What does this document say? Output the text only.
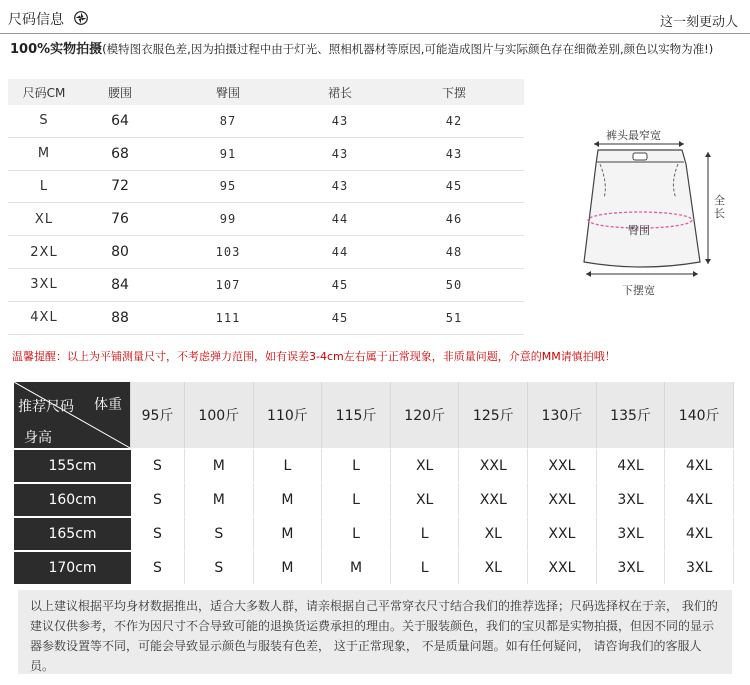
尺码信息	这一刻更动人
100%实物拍摄(模特图衣服色差,因为拍摄过程中由于灯光、照相机器材等原因,可能造成图片与实际颜色存在细微差别,颜色以实物为准!)
尺码CM	腰围	臀围	裙长	下摆
S	64	87	43	42
M	68	91	43	43
L	72	95	43	45
XL	76	99	44	46
2XL	80	103	44	48
3XL	84	107	45	50
4XL	88	111	45	51
裤头最窄宽
全长
臀围
下摆宽
温馨提醒：以上为平铺测量尺寸，不考虑弹力范围，如有误差3-4cm左右属于正常现象，非质量问题，介意的MM请慎拍哦！
体重
推荐尺码
身高	95斤	100斤	110斤	115斤	120斤	125斤	130斤	135斤	140斤
155cm	S	M	L	L	XL	XXL	XXL	4XL	4XL
160cm	S	M	M	L	XL	XXL	XXL	3XL	4XL
165cm	S	S	M	L	L	XL	XXL	3XL	4XL
170cm	S	S	M	M	L	XL	XXL	3XL	3XL

以上建议根据平均身材数据推出，适合大多数人群，请亲根据自己平常穿衣尺寸结合我们的推荐选择；尺码选择权在于亲， 我们的建议仅供参考，不作为因尺寸不合导致可能的退换货运费承担的理由。关于服装颜色，我们的宝贝都是实物拍摄，但因不同的显示器参数设置等不同，可能会导致显示颜色与服装有色差， 这于正常现象， 不是质量问题。如有任何疑问， 请咨询我们的客服人员。
